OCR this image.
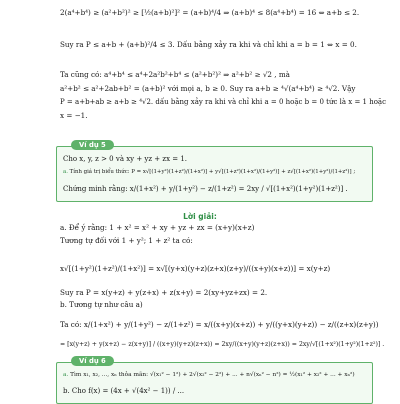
2(a⁴+b⁴) ≥ (a²+b²)² ≥ [½(a+b)²]² = (a+b)⁴/4 ⇒ (a+b)⁴ ≤ 8(a⁴+b⁴) = 16 ⇔ a+b ≤ 2.
Suy ra P ≤ a+b + (a+b)²/4 ≤ 3. Dấu bằng xảy ra khi và chỉ khi a = b = 1 ⇔ x = 0.
Ta cũng có: a⁴+b⁴ ≤ a⁴+2a²b²+b⁴ ≤ (a²+b²)² ⇒ a²+b² ≥ √2 , mà
a²+b² ≤ a²+2ab+b² = (a+b)² với mọi a, b ≥ 0. Suy ra a+b ≥ ⁴√(a⁴+b⁴) ≥ ⁴√2. Vậy
P = a+b+ab ≥ a+b ≥ ⁴√2. dấu bằng xảy ra khi và chỉ khi a = 0 hoặc b = 0 tức là x = 1 hoặc
x = −1.
Ví dụ 5
Cho x, y, z > 0 và xy + yz + zx = 1.
a. Tính giá trị biểu thức: P = x√[(1+y²)(1+z²)/(1+x²)] + y√[(1+z²)(1+x²)/(1+y²)] + z√[(1+x²)(1+y²)/(1+z²)] ;
Chứng minh rằng: x/(1+x²) + y/(1+y²) − z/(1+z²) = 2xy / √[(1+x²)(1+y²)(1+z²)] .
Lời giải:
a. Để ý rằng: 1 + x² = x² + xy + yz + zx = (x+y)(x+z)
Tương tự đối với 1 + y²; 1 + z² ta có:
x√[(1+y²)(1+z²)/(1+x²)] = x√[(y+x)(y+z)(z+x)(z+y)/((x+y)(x+z))] = x(y+z)
Suy ra P = x(y+z) + y(z+x) + z(x+y) = 2(xy+yz+zx) = 2.
b. Tương tự như câu a)
Ta có: x/(1+x²) + y/(1+y²) − z/(1+z²) = x/((x+y)(x+z)) + y/((y+x)(y+z)) − z/((z+x)(z+y))
= [x(y+z) + y(x+z) − z(x+y)] / ((x+y)(y+z)(z+x)) = 2xy/((x+y)(y+z)(z+x)) = 2xy/√[(1+x²)(1+y²)(1+z²)] .
Ví dụ 6
a. Tìm x₁, x₂, ..., xₙ thỏa mãn: √(x₁² − 1²) + 2√(x₂² − 2²) + ... + n√(xₙ² − n²) = ½(x₁² + x₂² + ... + xₙ²)
b. Cho f(x) = (4x + √(4x² − 1)) / ...
